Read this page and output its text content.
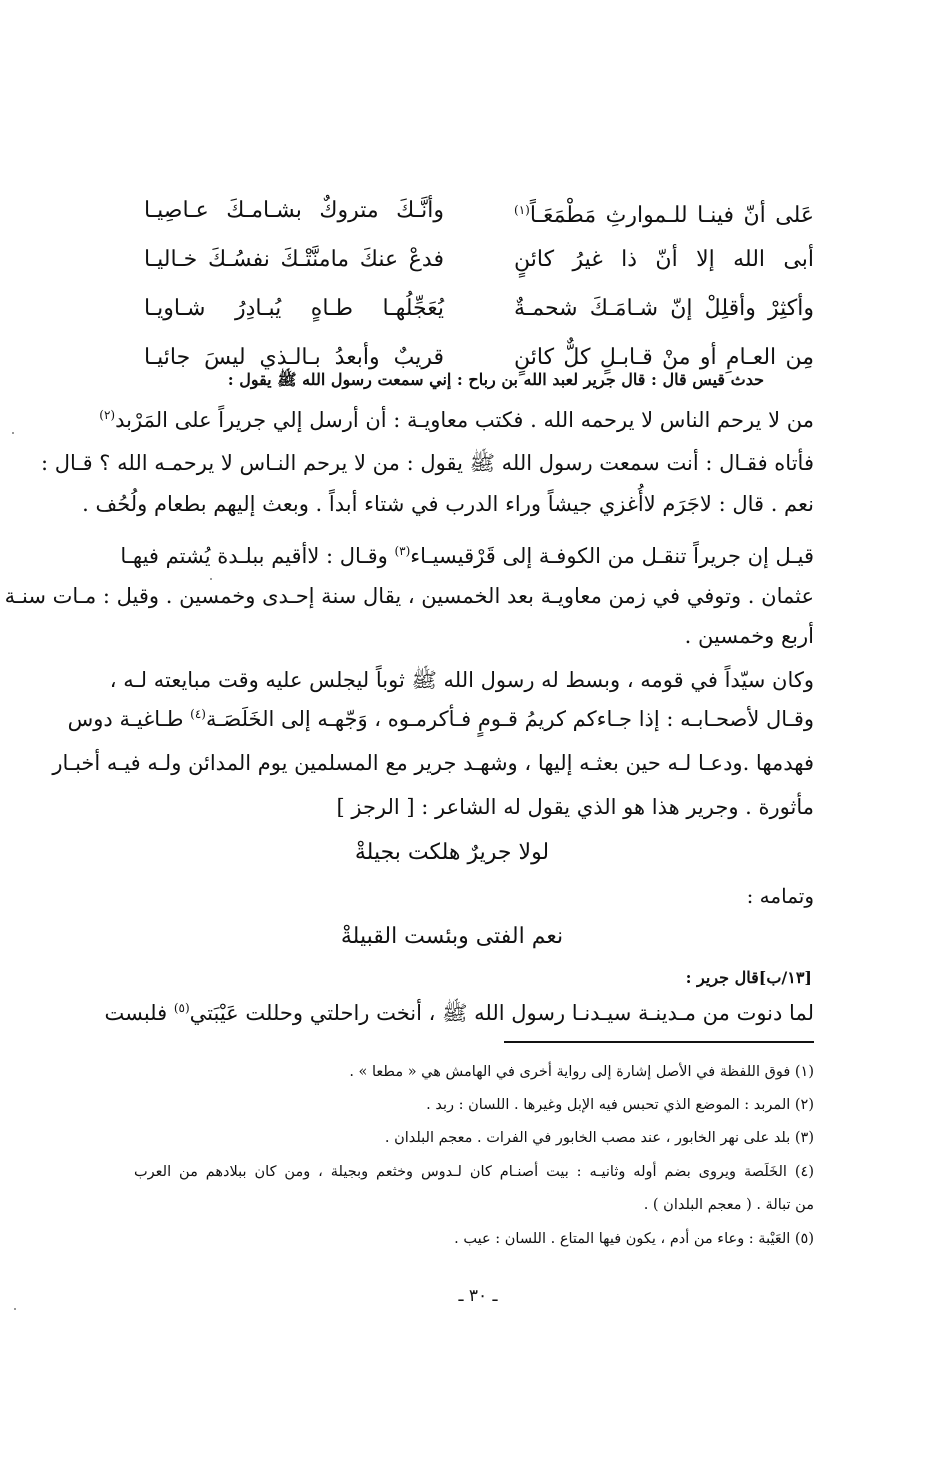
عَلى أنّ فينـا للـموارثِ مَطْمَعَـاً$^{(١)}$
وأنَّـكَ متروكٌ بشـامـكَ عـاصِيـا
أبى الله إلا أنّ ذا غيرُ كائنٍ
فدعْ عنكَ مامنَّتْـكَ نفسُـكَ خـاليـا
وأكثِرْ وأقلِلْ إنّ شـامَـكَ شحمـةٌ
يُعَجِّلُهـا طـاهٍ يُبـادِرُ شـاويـا
مِن العـامِ أو منْ قـابـلٍ كلٌّ كائنٍ
قريبٌ وأبعدُ بـالـذي ليسَ جائيـا
حدث قيس قال : قال جرير لعبد الله بن رباح : إني سمعت رسول الله ﷺ يقول :
من لا يرحم الناس لا يرحمه الله . فكتب معاويـة : أن أرسل إلي جريراً على المَرْبد$^{(٢)}$
فأتاه فقـال : أنت سمعت رسول الله ﷺ يقول : من لا يرحم النـاس لا يرحمـه الله ؟ قـال :
نعم . قال : لاجَرَم لاأُغزي جيشاً وراء الدرب في شتاء أبداً . وبعث إليهم بطعام ولُحُف .
قيـل إن جريراً تنقـل من الكوفـة إلى قَرْقيسيـاء$^{(٣)}$ وقـال : لاأقيم ببلـدة يُشتم فيهـا
عثمان . وتوفي في زمن معاويـة بعد الخمسين ، يقال سنة إحـدى وخمسين . وقيل : مـات سنـة
أربع وخمسين .
وكان سيّداً في قومه ، وبسط له رسول الله ﷺ ثوباً ليجلس عليه وقت مبايعته لـه ،
وقـال لأصحـابـه : إذا جـاءكم كريمُ قـومٍ فـأكرمـوه ، وَجّهـه إلى الخَلَصَـة$^{(٤)}$ طـاغيـة دوس
فهدمها .ودعـا لـه حين بعثـه إليها ، وشهـد جرير مع المسلمين يوم المدائن ولـه فيـه أخبـار
مأثورة . وجرير هذا هو الذي يقول له الشاعر : [ الرجز ]
لولا جريرٌ هلكت بجيلةْ
وتمامه :
نعم الفتى وبئست القبيلةْ
[١٣/ب]قال جرير :
لما دنوت من مـدينـة سيـدنـا رسول الله ﷺ ، أنخت راحلتي وحللت عَيْبَتي$^{(٥)}$ فلبست
(١) فوق اللفظة في الأصل إشارة إلى رواية أخرى في الهامش هي « مطعا » .
(٢) المربد : الموضع الذي تحبس فيه الإبل وغيرها . اللسان : ربد .
(٣) بلد على نهر الخابور ، عند مصب الخابور في الفرات . معجم البلدان .
(٤) الخَلَصة ويروى بضم أوله وثانيـه : بيت أصنـام كان لـدوس وخثعم وبجيلة ، ومن كان ببلادهم من العرب
من تبالة . ( معجم البلدان ) .
(٥) العَيْبة : وعاء من أدم ، يكون فيها المتاع . اللسان : عيب .
ـ ٣٠ ـ
